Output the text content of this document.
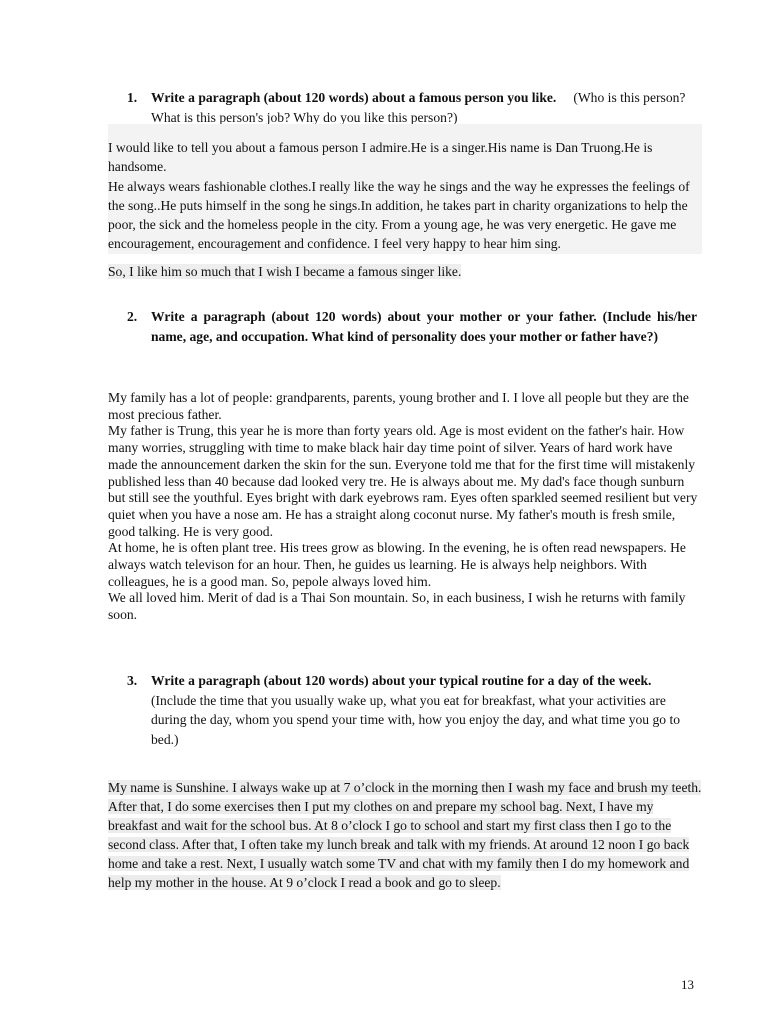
1. Write a paragraph (about 120 words) about a famous person you like. (Who is this person? What is this person's job? Why do you like this person?)

I would like to tell you about a famous person I admire.He is a singer.His name is Dan Truong.He is handsome.

He always wears fashionable clothes.I really like the way he sings and the way he expresses the feelings of the song..He puts himself in the song he sings.In addition, he takes part in charity organizations to help the poor, the sick and the homeless people in the city. From a young age, he was very energetic. He gave me encouragement, encouragement and confidence. I feel very happy to hear him sing.

So, I like him so much that I wish I became a famous singer like.

2. Write a paragraph (about 120 words) about your mother or your father. (Include his/her name, age, and occupation. What kind of personality does your mother or father have?)

My family has a lot of people: grandparents, parents, young brother and I. I love all people but they are the most precious father.

My father is Trung, this year he is more than forty years old. Age is most evident on the father's hair. How many worries, struggling with time to make black hair day time point of silver. Years of hard work have made the announcement darken the skin for the sun. Everyone told me that for the first time will mistakenly published less than 40 because dad looked very tre. He is always about me. My dad's face though sunburn but still see the youthful. Eyes bright with dark eyebrows ram. Eyes often sparkled seemed resilient but very quiet when you have a nose am. He has a straight along coconut nurse. My father's mouth is fresh smile, good talking. He is very good.

At home, he is often plant tree. His trees grow as blowing. In the evening, he is often read newspapers. He always watch televison for an hour. Then, he guides us learning. He is always help neighbors. With colleagues, he is a good man. So, pepole always loved him.

We all loved him. Merit of dad is a Thai Son mountain. So, in each business, I wish he returns with family soon.

3. Write a paragraph (about 120 words) about your typical routine for a day of the week. (Include the time that you usually wake up, what you eat for breakfast, what your activities are during the day, whom you spend your time with, how you enjoy the day, and what time you go to bed.)

My name is Sunshine. I always wake up at 7 o’clock in the morning then I wash my face and brush my teeth. After that, I do some exercises then I put my clothes on and prepare my school bag. Next, I have my breakfast and wait for the school bus. At 8 o’clock I go to school and start my first class then I go to the second class. After that, I often take my lunch break and talk with my friends. At around 12 noon I go back home and take a rest. Next, I usually watch some TV and chat with my family then I do my homework and help my mother in the house. At 9 o’clock I read a book and go to sleep.

13
